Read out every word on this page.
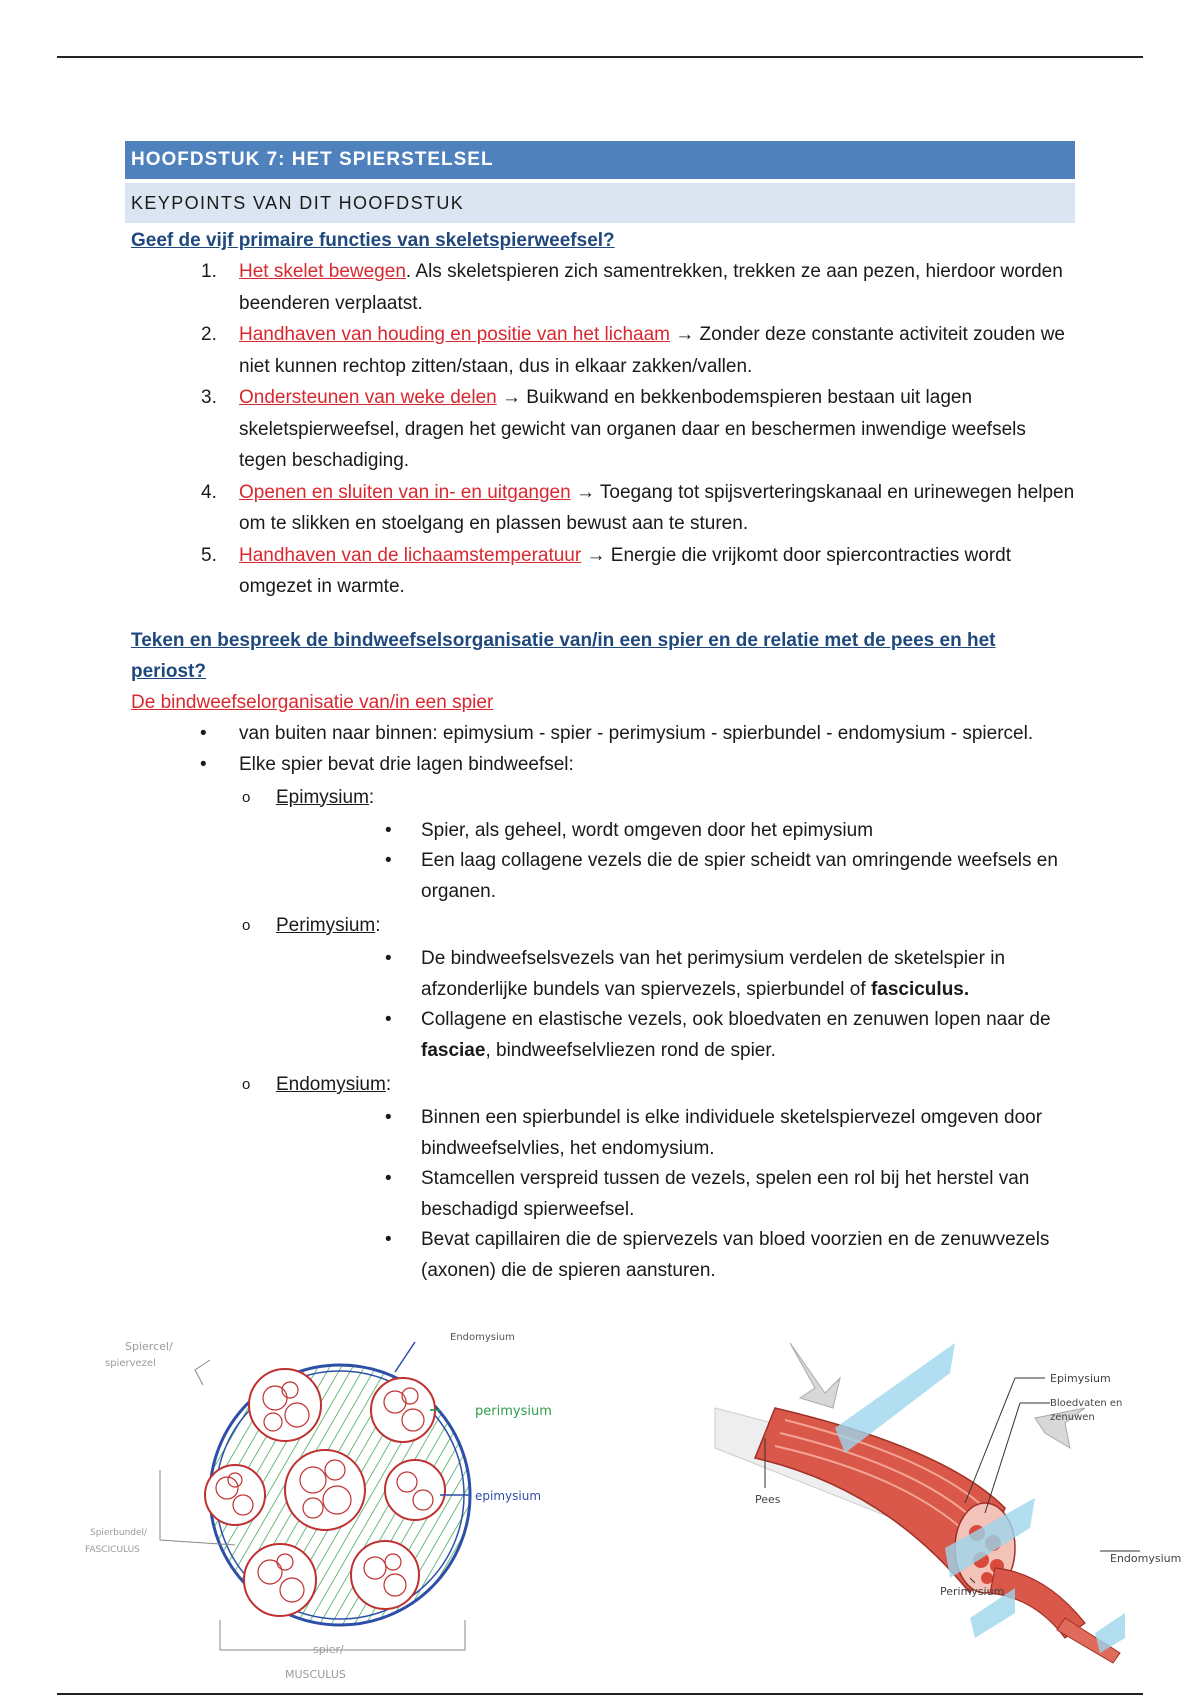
HOOFDSTUK 7: HET SPIERSTELSEL
KEYPOINTS VAN DIT HOOFDSTUK
Geef de vijf primaire functies van skeletspierweefsel?
1. Het skelet bewegen. Als skeletspieren zich samentrekken, trekken ze aan pezen, hierdoor worden beenderen verplaatst.
2. Handhaven van houding en positie van het lichaam → Zonder deze constante activiteit zouden we niet kunnen rechtop zitten/staan, dus in elkaar zakken/vallen.
3. Ondersteunen van weke delen → Buikwand en bekkenbodemspieren bestaan uit lagen skeletspierweefsel, dragen het gewicht van organen daar en beschermen inwendige weefsels tegen beschadiging.
4. Openen en sluiten van in- en uitgangen → Toegang tot spijsverteringskanaal en urinewegen helpen om te slikken en stoelgang en plassen bewust aan te sturen.
5. Handhaven van de lichaamstemperatuur → Energie die vrijkomt door spiercontracties wordt omgezet in warmte.
Teken en bespreek de bindweefselsorganisatie van/in een spier en de relatie met de pees en het periost?
De bindweefselorganisatie van/in een spier
• van buiten naar binnen: epimysium - spier - perimysium - spierbundel - endomysium - spiercel.
• Elke spier bevat drie lagen bindweefsel:
o Epimysium:
• Spier, als geheel, wordt omgeven door het epimysium
• Een laag collagene vezels die de spier scheidt van omringende weefsels en organen.
o Perimysium:
• De bindweefselsvezels van het perimysium verdelen de sketelspier in afzonderlijke bundels van spiervezels, spierbundel of fasciculus.
• Collagene en elastische vezels, ook bloedvaten en zenuwen lopen naar de fasciae, bindweefselvliezen rond de spier.
o Endomysium:
• Binnen een spierbundel is elke individuele sketelspiervezel omgeven door bindweefselvlies, het endomysium.
• Stamcellen verspreid tussen de vezels, spelen een rol bij het herstel van beschadigd spierweefsel.
• Bevat capillairen die de spiervezels van bloed voorzien en de zenuwvezels (axonen) die de spieren aansturen.
Spiercel/
spiervezel
Endomysium
perimysium
epimysium
Spierbundel/
FASCICULUS
spier/
MUSCULUS
Epimysium
Bloedvaten en
zenuwen
Pees
Endomysium
Perimysium
